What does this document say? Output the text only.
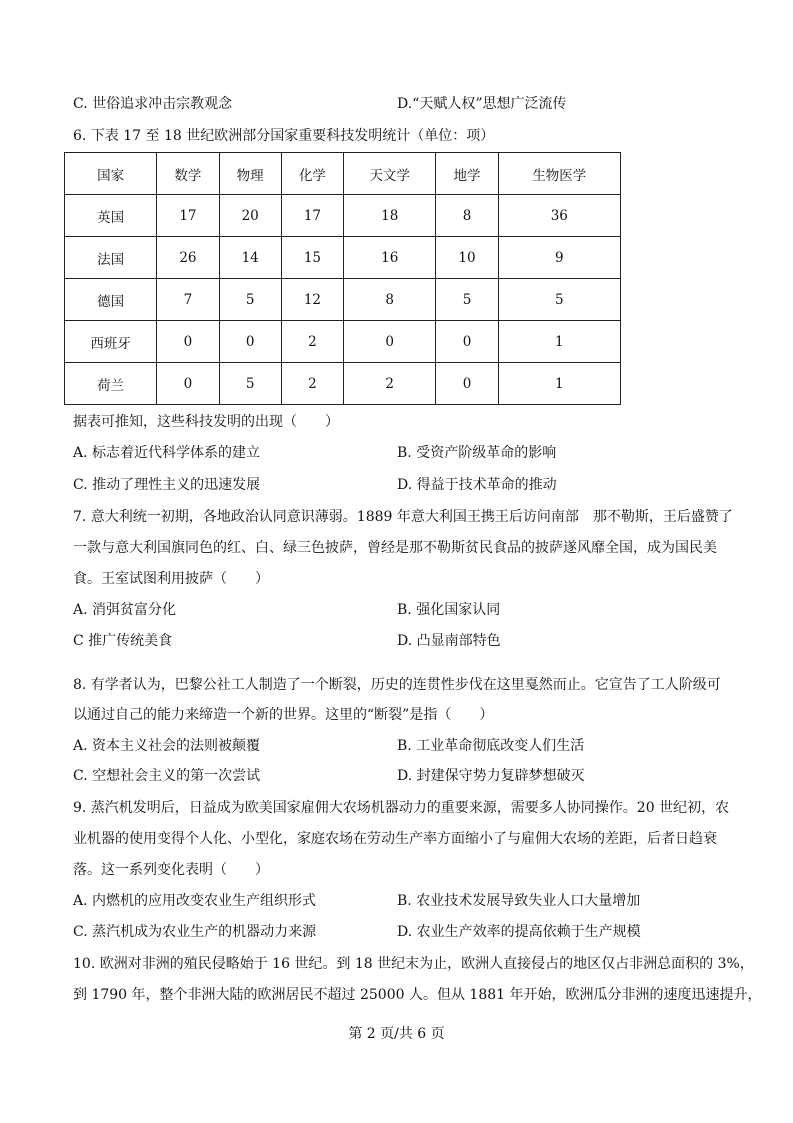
C. 世俗追求冲击宗教观念	D.“天赋人权”思想广泛流传
6. 下表 17 至 18 世纪欧洲部分国家重要科技发明统计（单位：项）
国家	数学	物理	化学	天文学	地学	生物医学
英国	17	20	17	18	8	36
法国	26	14	15	16	10	9
德国	7	5	12	8	5	5
西班牙	0	0	2	0	0	1
荷兰	0	5	2	2	0	1
据表可推知，这些科技发明的出现（　　）
A. 标志着近代科学体系的建立	B. 受资产阶级革命的影响
C. 推动了理性主义的迅速发展	D. 得益于技术革命的推动
7. 意大利统一初期，各地政治认同意识薄弱。1889 年意大利国王携王后访问南部　那不勒斯，王后盛赞了
一款与意大利国旗同色的红、白、绿三色披萨，曾经是那不勒斯贫民食品的披萨遂风靡全国，成为国民美
食。王室试图利用披萨（　　）
A. 消弭贫富分化	B. 强化国家认同
C 推广传统美食	D. 凸显南部特色
8. 有学者认为，巴黎公社工人制造了一个断裂，历史的连贯性步伐在这里戛然而止。它宣告了工人阶级可
以通过自己的能力来缔造一个新的世界。这里的“断裂”是指（　　）
A. 资本主义社会的法则被颠覆	B. 工业革命彻底改变人们生活
C. 空想社会主义的第一次尝试	D. 封建保守势力复辟梦想破灭
9. 蒸汽机发明后，日益成为欧美国家雇佣大农场机器动力的重要来源，需要多人协同操作。20 世纪初，农
业机器的使用变得个人化、小型化，家庭农场在劳动生产率方面缩小了与雇佣大农场的差距，后者日趋衰
落。这一系列变化表明（　　）
A. 内燃机的应用改变农业生产组织形式	B. 农业技术发展导致失业人口大量增加
C. 蒸汽机成为农业生产的机器动力来源	D. 农业生产效率的提高依赖于生产规模
10. 欧洲对非洲的殖民侵略始于 16 世纪。到 18 世纪末为止，欧洲人直接侵占的地区仅占非洲总面积的 3%，
到 1790 年，整个非洲大陆的欧洲居民不超过 25000 人。但从 1881 年开始，欧洲瓜分非洲的速度迅速提升，
第 2 页/共 6 页
